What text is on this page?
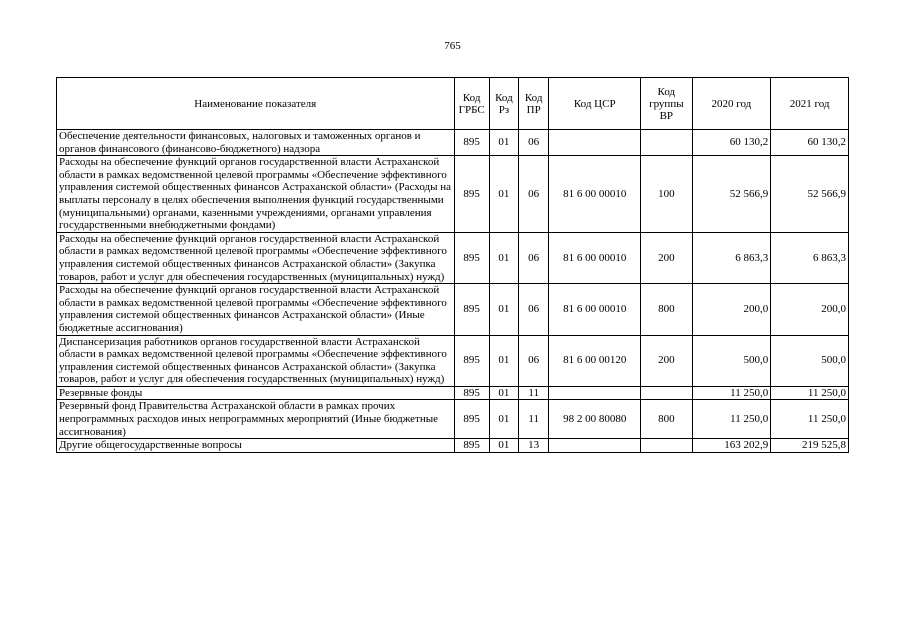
765
Наименование показателя	Код ГРБС	Код Рз	Код ПР	Код ЦСР	Код группы ВР	2020 год	2021 год
Обеспечение деятельности финансовых, налоговых и таможенных органов и органов финансового (финансово-бюджетного) надзора	895	01	06			60 130,2	60 130,2
Расходы на обеспечение функций органов государственной власти Астраханской области в рамках ведомственной целевой программы «Обеспечение эффективного управления системой общественных финансов Астраханской области» (Расходы на выплаты персоналу в целях обеспечения выполнения функций государственными (муниципальными) органами, казенными учреждениями, органами управления государственными внебюджетными фондами)	895	01	06	81 6 00 00010	100	52 566,9	52 566,9
Расходы на обеспечение функций органов государственной власти Астраханской области в рамках ведомственной целевой программы «Обеспечение эффективного управления системой общественных финансов Астраханской области» (Закупка товаров, работ и услуг для обеспечения государственных (муниципальных) нужд)	895	01	06	81 6 00 00010	200	6 863,3	6 863,3
Расходы на обеспечение функций органов государственной власти Астраханской области в рамках ведомственной целевой программы «Обеспечение эффективного управления системой общественных финансов Астраханской области» (Иные бюджетные ассигнования)	895	01	06	81 6 00 00010	800	200,0	200,0
Диспансеризация работников органов государственной власти Астраханской области в рамках ведомственной целевой программы «Обеспечение эффективного управления системой общественных финансов Астраханской области» (Закупка товаров, работ и услуг для обеспечения государственных (муниципальных) нужд)	895	01	06	81 6 00 00120	200	500,0	500,0
Резервные фонды	895	01	11			11 250,0	11 250,0
Резервный фонд Правительства Астраханской области в рамках прочих непрограммных расходов иных непрограммных мероприятий (Иные бюджетные ассигнования)	895	01	11	98 2 00 80080	800	11 250,0	11 250,0
Другие общегосударственные вопросы	895	01	13			163 202,9	219 525,8
